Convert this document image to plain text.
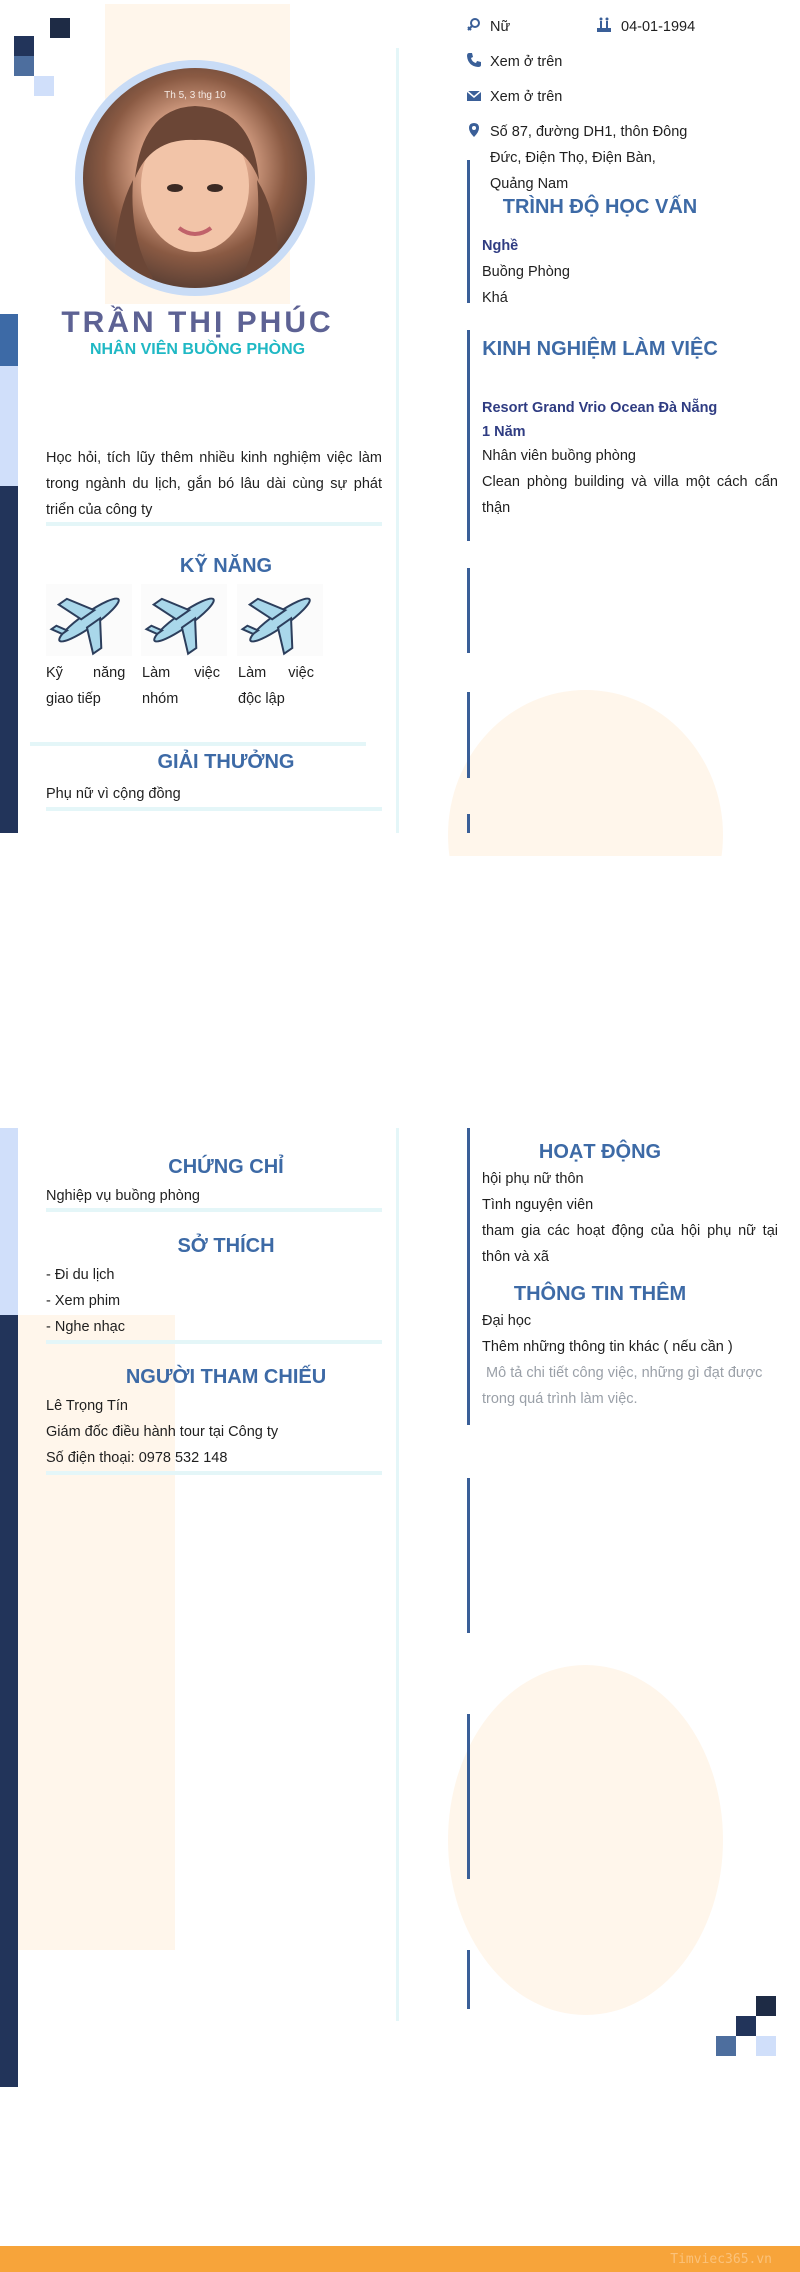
Th 5, 3 thg 10
TRẦN THỊ PHÚC
NHÂN VIÊN BUỒNG PHÒNG
Nữ	04-01-1994
Xem ở trên
Xem ở trên
Số 87, đường DH1, thôn Đông
Đức, Điện Thọ, Điện Bàn,
Quảng Nam
Học hỏi, tích lũy thêm nhiều kinh nghiệm việc làm
trong ngành du lịch, gắn bó lâu dài cùng sự phát
triển của công ty
KỸ NĂNG
Kỹ năng
giao tiếp
Làm	việc
nhóm
Làm	việc
độc lập
GIẢI THƯỞNG
Phụ nữ vì cộng đồng
TRÌNH ĐỘ HỌC VẤN
Nghề
Buồng Phòng
Khá
KINH NGHIỆM LÀM VIỆC
Resort Grand Vrio Ocean Đà Nẵng
1 Năm
Nhân viên buồng phòng
Clean phòng building và villa một cách cẩn
thận
CHỨNG CHỈ
Nghiệp vụ buồng phòng
SỞ THÍCH
- Đi du lịch
- Xem phim
- Nghe nhạc
NGƯỜI THAM CHIẾU
Lê Trọng Tín
Giám đốc điều hành tour tại Công ty
Số điện thoại: 0978 532 148
HOẠT ĐỘNG
hội phụ nữ thôn
Tình nguyện viên
tham gia các hoạt động của hội phụ nữ tại
thôn và xã
THÔNG TIN THÊM
Đại học
Thêm những thông tin khác ( nếu cần )
Mô tả chi tiết công việc, những gì đạt được
trong quá trình làm việc.
Timviec365.vn
